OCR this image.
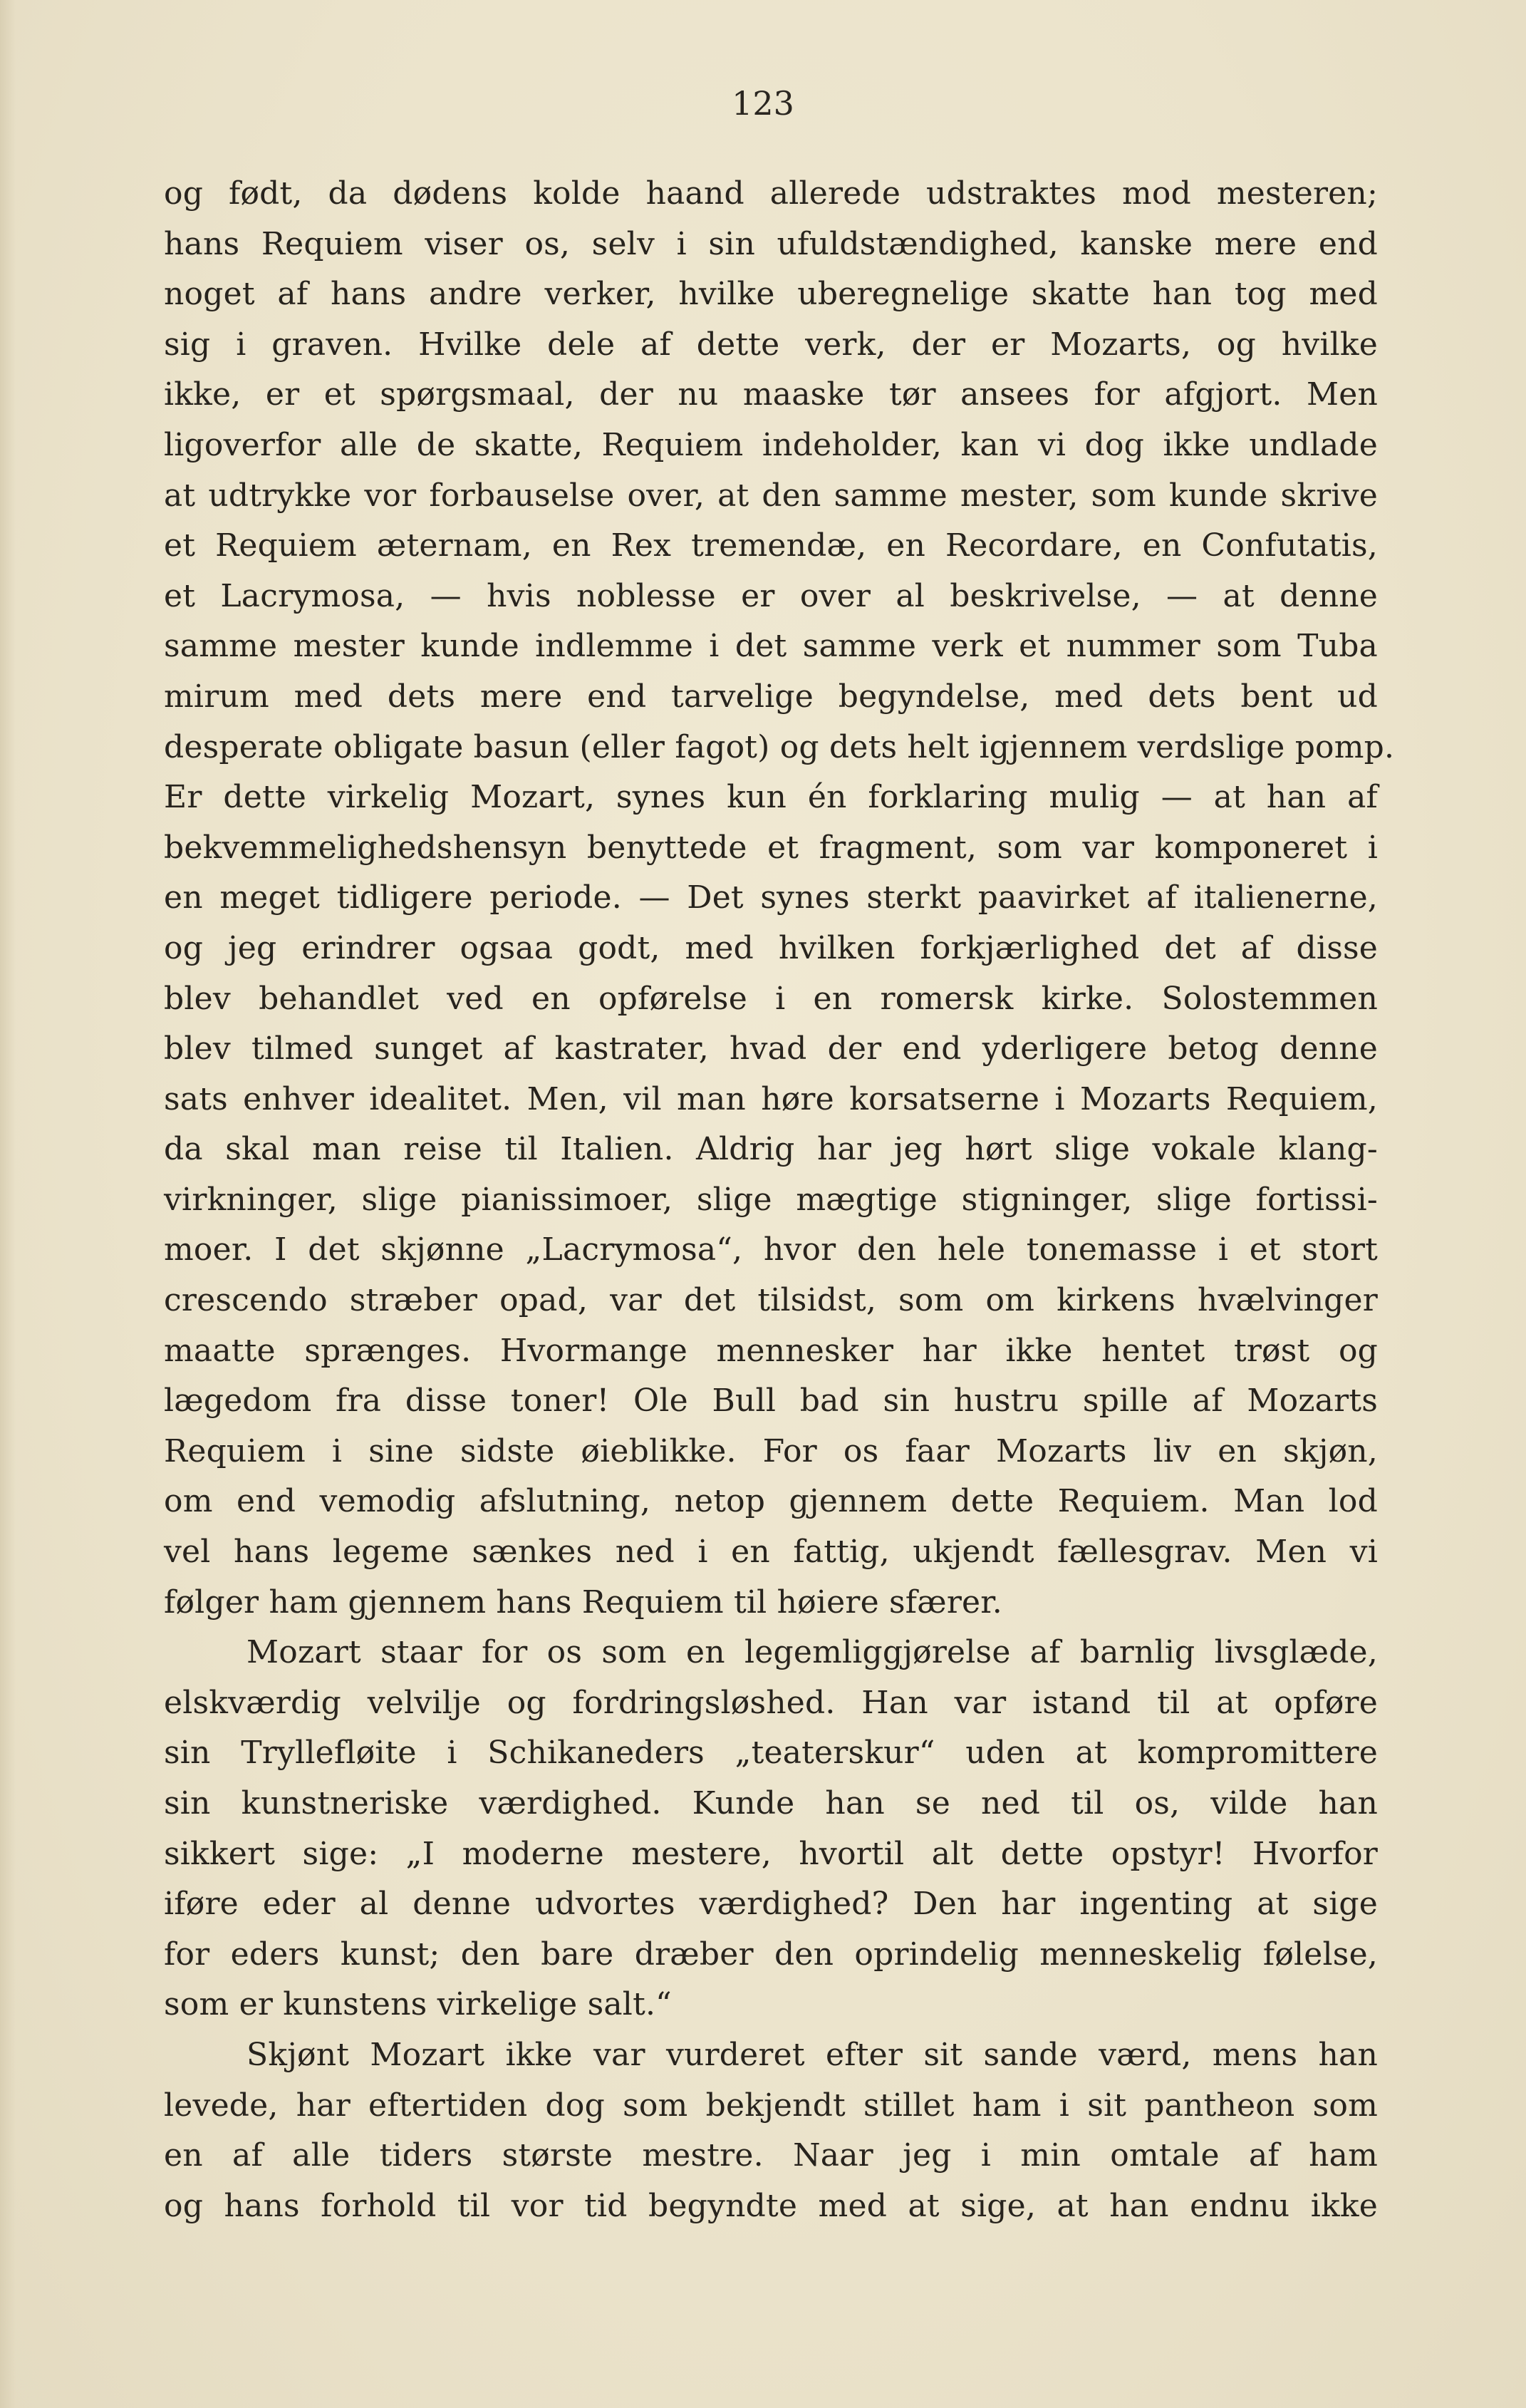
123
og født, da dødens kolde haand allerede udstraktes mod mesteren;
hans Requiem viser os, selv i sin ufuldstændighed, kanske mere end
noget af hans andre verker, hvilke uberegnelige skatte han tog med
sig i graven. Hvilke dele af dette verk, der er Mozarts, og hvilke
ikke, er et spørgsmaal, der nu maaske tør ansees for afgjort. Men
ligoverfor alle de skatte, Requiem indeholder, kan vi dog ikke undlade
at udtrykke vor forbauselse over, at den samme mester, som kunde skrive
et Requiem æternam, en Rex tremendæ, en Recordare, en Confutatis,
et Lacrymosa, — hvis noblesse er over al beskrivelse, — at denne
samme mester kunde indlemme i det samme verk et nummer som Tuba
mirum med dets mere end tarvelige begyndelse, med dets bent ud
desperate obligate basun (eller fagot) og dets helt igjennem verdslige pomp.
Er dette virkelig Mozart, synes kun én forklaring mulig — at han af
bekvemmelighedshensyn benyttede et fragment, som var komponeret i
en meget tidligere periode. — Det synes sterkt paavirket af italienerne,
og jeg erindrer ogsaa godt, med hvilken forkjærlighed det af disse
blev behandlet ved en opførelse i en romersk kirke. Solostemmen
blev tilmed sunget af kastrater, hvad der end yderligere betog denne
sats enhver idealitet. Men, vil man høre korsatserne i Mozarts Requiem,
da skal man reise til Italien. Aldrig har jeg hørt slige vokale klang-
virkninger, slige pianissimoer, slige mægtige stigninger, slige fortissi-
moer. I det skjønne „Lacrymosa“, hvor den hele tonemasse i et stort
crescendo stræber opad, var det tilsidst, som om kirkens hvælvinger
maatte sprænges. Hvormange mennesker har ikke hentet trøst og
lægedom fra disse toner! Ole Bull bad sin hustru spille af Mozarts
Requiem i sine sidste øieblikke. For os faar Mozarts liv en skjøn,
om end vemodig afslutning, netop gjennem dette Requiem. Man lod
vel hans legeme sænkes ned i en fattig, ukjendt fællesgrav. Men vi
følger ham gjennem hans Requiem til høiere sfærer.
Mozart staar for os som en legemliggjørelse af barnlig livsglæde,
elskværdig velvilje og fordringsløshed. Han var istand til at opføre
sin Tryllefløite i Schikaneders „teaterskur“ uden at kompromittere
sin kunstneriske værdighed. Kunde han se ned til os, vilde han
sikkert sige: „I moderne mestere, hvortil alt dette opstyr! Hvorfor
iføre eder al denne udvortes værdighed? Den har ingenting at sige
for eders kunst; den bare dræber den oprindelig menneskelig følelse,
som er kunstens virkelige salt.“
Skjønt Mozart ikke var vurderet efter sit sande værd, mens han
levede, har eftertiden dog som bekjendt stillet ham i sit pantheon som
en af alle tiders største mestre. Naar jeg i min omtale af ham
og hans forhold til vor tid begyndte med at sige, at han endnu ikke
